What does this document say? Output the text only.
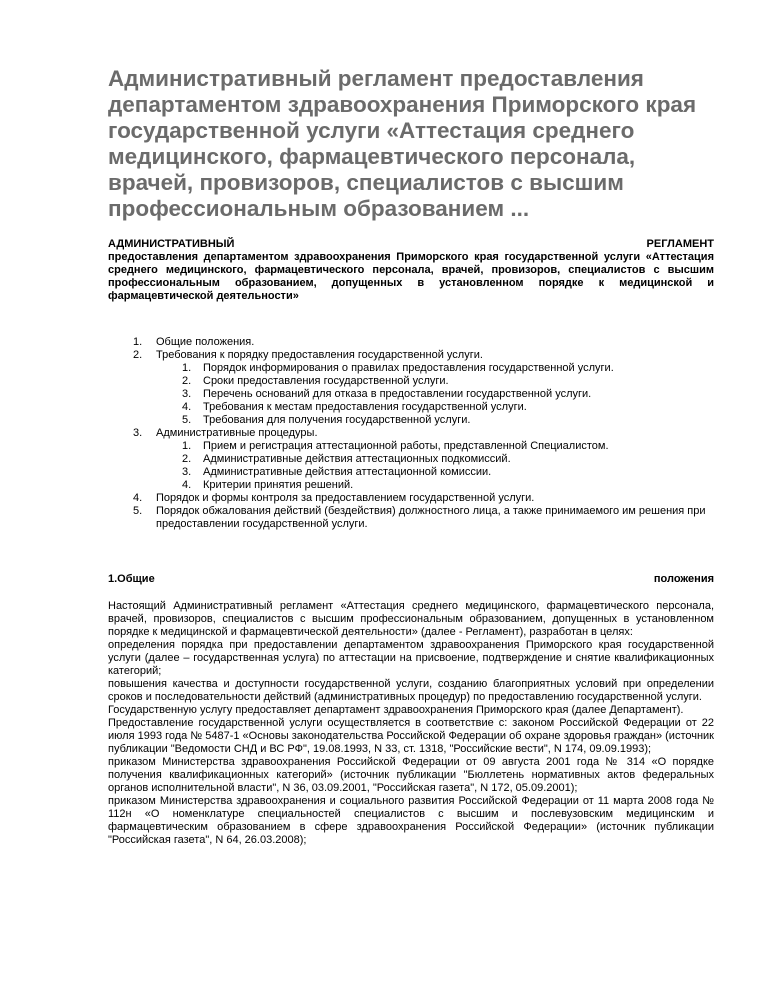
Административный регламент предоставления департаментом здравоохранения Приморского края государственной услуги «Аттестация среднего медицинского, фармацевтического персонала, врачей, провизоров, специалистов с высшим профессиональным образованием ...
АДМИНИСТРАТИВНЫЙ	РЕГЛАМЕНТ

предоставления департаментом здравоохранения Приморского края государственной услуги «Аттестация среднего медицинского, фармацевтического персонала, врачей, провизоров, специалистов с высшим профессиональным образованием, допущенных в установленном порядке к медицинской и фармацевтической деятельности»

1. Общие положения.
2. Требования к порядку предоставления государственной услуги.
1. Порядок информирования о правилах предоставления государственной услуги.
2. Сроки предоставления государственной услуги.
3. Перечень оснований для отказа в предоставлении государственной услуги.
4. Требования к местам предоставления государственной услуги.
5. Требования для получения государственной услуги.
3. Административные процедуры.
1. Прием и регистрация аттестационной работы, представленной Специалистом.
2. Административные действия аттестационных подкомиссий.
3. Административные действия аттестационной комиссии.
4. Критерии принятия решений.
4. Порядок и формы контроля за предоставлением государственной услуги.
5. Порядок обжалования действий (бездействия) должностного лица, а также принимаемого им решения при предоставлении государственной услуги.
1.Общие	положения

Настоящий Административный регламент «Аттестация среднего медицинского, фармацевтического персонала, врачей, провизоров, специалистов с высшим профессиональным образованием, допущенных в установленном порядке к медицинской и фармацевтической деятельности» (далее - Регламент), разработан в целях:

определения порядка при предоставлении департаментом здравоохранения Приморского края государственной услуги (далее – государственная услуга) по аттестации на присвоение, подтверждение и снятие квалификационных категорий;

повышения качества и доступности государственной услуги, созданию благоприятных условий при определении сроков и последовательности действий (административных процедур) по предоставлению государственной услуги.

Государственную услугу предоставляет департамент здравоохранения Приморского края (далее Департамент).

Предоставление государственной услуги осуществляется в соответствие с: законом Российской Федерации от 22 июля 1993 года № 5487-1 «Основы законодательства Российской Федерации об охране здоровья граждан» (источник публикации "Ведомости СНД и ВС РФ", 19.08.1993, N 33, ст. 1318, "Российские вести", N 174, 09.09.1993);

приказом Министерства здравоохранения Российской Федерации от 09 августа 2001 года № 314 «О порядке получения квалификационных категорий» (источник публикации "Бюллетень нормативных актов федеральных органов исполнительной власти", N 36, 03.09.2001, "Российская газета", N 172, 05.09.2001);

приказом Министерства здравоохранения и социального развития Российской Федерации от 11 марта 2008 года № 112н «О номенклатуре специальностей специалистов с высшим и послевузовским медицинским и фармацевтическим образованием в сфере здравоохранения Российской Федерации» (источник публикации "Российская газета", N 64, 26.03.2008);
